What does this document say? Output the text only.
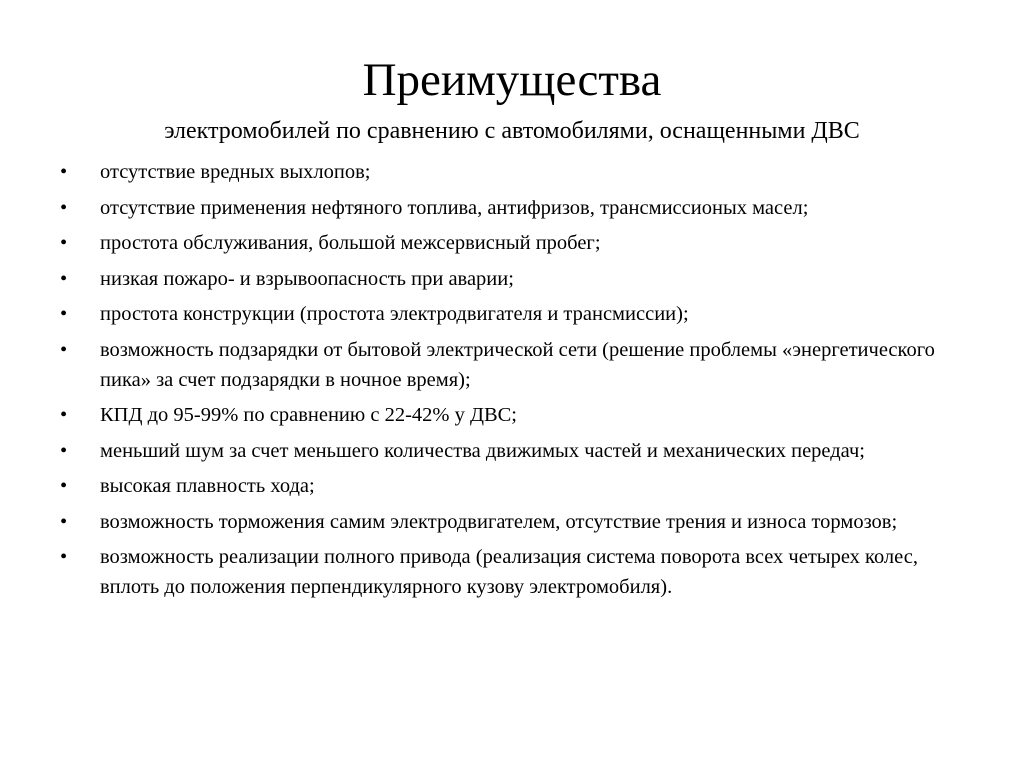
Преимущества
электромобилей по сравнению с автомобилями, оснащенными ДВС
•	отсутствие вредных выхлопов;
•	отсутствие применения нефтяного топлива, антифризов, трансмиссионых масел;
•	простота обслуживания, большой межсервисный пробег;
•	низкая пожаро- и взрывоопасность при аварии;
•	простота конструкции (простота электродвигателя и трансмиссии);
•	возможность подзарядки от бытовой электрической сети (решение проблемы «энергетического пика» за счет подзарядки в ночное время);
•	КПД до 95-99% по сравнению с 22-42% у ДВС;
•	меньший шум за счет меньшего количества движимых частей и механических передач;
•	высокая плавность хода;
•	возможность торможения самим электродвигателем, отсутствие трения и износа тормозов;
•	возможность реализации полного привода (реализация система поворота всех четырех колес, вплоть до положения перпендикулярного кузову электромобиля).
